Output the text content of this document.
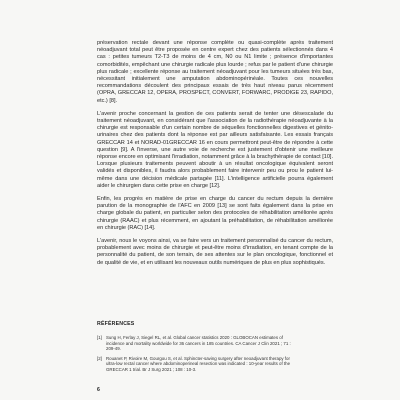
préservation rectale devant une réponse complète ou quasi-complète après traitement néoadjuvant total peut être proposée en centre expert chez des patients sélectionnés dans 4 cas : petites tumeurs T2-T3 de moins de 4 cm, N0 ou N1 limite ; présence d'importantes comorbidités, empêchant une chirurgie radicale plus lourde ; refus par le patient d'une chirurgie plus radicale ; excellente réponse au traitement néoadjuvant pour les tumeurs situées très bas, nécessitant initialement une amputation abdominopérinéale. Toutes ces nouvelles recommandations découlent des principaux essais de très haut niveau parus récemment (OPRA, GRECCAR 12, OPERA, PROSPECT, CONVERT, FORWARC, PRODIGE 23, RAPIDO, etc.) [8].

L'avenir proche concernant la gestion de ces patients serait de tenter une désescalade du traitement néoadjuvant, en considérant que l'association de la radiothérapie néoadjuvante à la chirurgie est responsable d'un certain nombre de séquelles fonctionnelles digestives et génito-urinaires chez des patients dont la réponse est par ailleurs satisfaisante. Les essais français GRECCAR 14 et NORAD-01GRECCAR 16 en cours permettront peut-être de répondre à cette question [9]. A l'inverse, une autre voie de recherche est justement d'obtenir une meilleure réponse encore en optimisant l'irradiation, notamment grâce à la brachythérapie de contact [10]. Lorsque plusieurs traitements peuvent aboutir à un résultat oncologique équivalent seront validés et disponibles, il faudra alors probablement faire intervenir peu ou prou le patient lui-même dans une décision médicale partagée [11]. L'intelligence artificielle pourra également aider le chirurgien dans cette prise en charge [12].

Enfin, les progrès en matière de prise en charge du cancer du rectum depuis la dernière parution de la monographie de l'AFC en 2009 [13] se sont faits également dans la prise en charge globale du patient, en particulier selon des protocoles de réhabilitation améliorée après chirurgie (RAAC) et plus récemment, en ajoutant la préhabilitation, de réhabilitation améliorée en chirurgie (RAC) [14].

L'avenir, nous le voyons ainsi, va se faire vers un traitement personnalisé du cancer du rectum, probablement avec moins de chirurgie et peut-être moins d'irradiation, en tenant compte de la personnalité du patient, de son terrain, de ses attentes sur le plan oncologique, fonctionnel et de qualité de vie, et en utilisant les nouveaux outils numériques de plus en plus sophistiqués.

RÉFÉRENCES
[1] Sung H, Ferlay J, Siegel RL, et al. Global cancer statistics 2020 : GLOBOCAN estimates of incidence and mortality worldwide for 36 cancers in 185 countries. CA Cancer J Clin 2021 ; 71 : 209-49.
[2] Rouanet P, Rivoire M, Gourgou S, et al. Sphincter-saving surgery after neoadjuvant therapy for ultra-low rectal cancer where abdominoperineal resection was indicated : 10-year results of the GRECCAR 1 trial. Br J Surg 2021 ; 108 : 10-3.
6
